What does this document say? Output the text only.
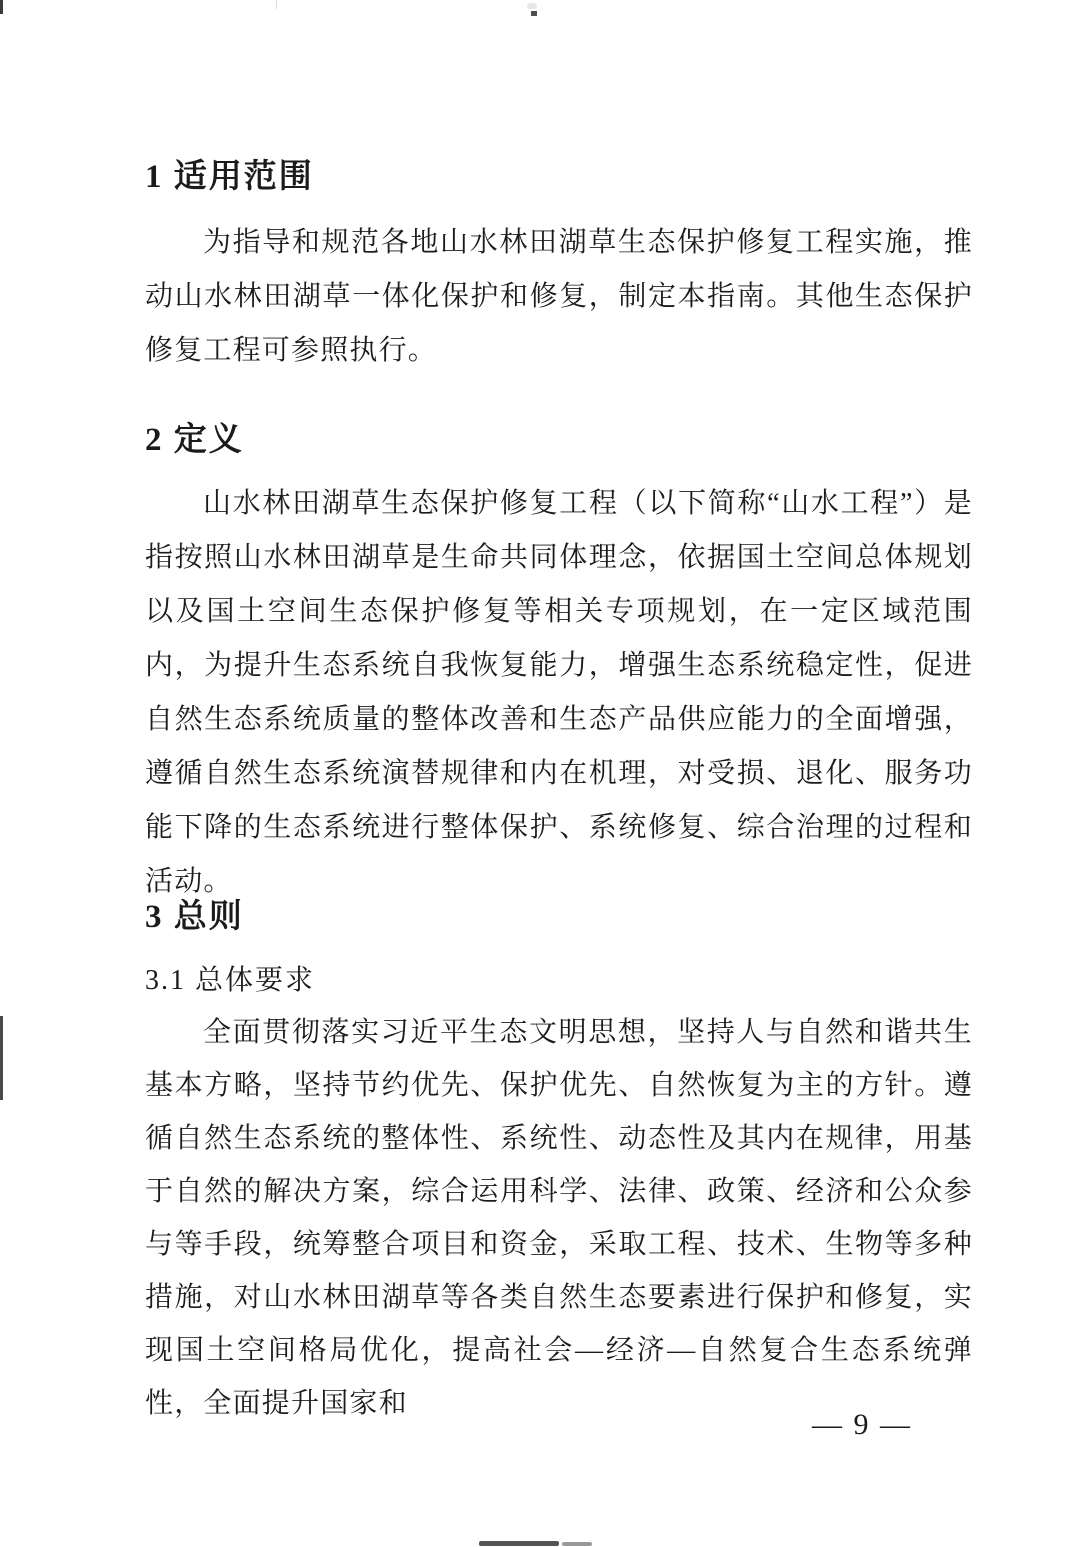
1 适用范围

为指导和规范各地山水林田湖草生态保护修复工程实施，推动山水林田湖草一体化保护和修复，制定本指南。其他生态保护修复工程可参照执行。

2 定义

山水林田湖草生态保护修复工程（以下简称“山水工程”）是指按照山水林田湖草是生命共同体理念，依据国土空间总体规划以及国土空间生态保护修复等相关专项规划，在一定区域范围内，为提升生态系统自我恢复能力，增强生态系统稳定性，促进自然生态系统质量的整体改善和生态产品供应能力的全面增强，遵循自然生态系统演替规律和内在机理，对受损、退化、服务功能下降的生态系统进行整体保护、系统修复、综合治理的过程和活动。

3 总则
3.1 总体要求

全面贯彻落实习近平生态文明思想，坚持人与自然和谐共生基本方略，坚持节约优先、保护优先、自然恢复为主的方针。遵循自然生态系统的整体性、系统性、动态性及其内在规律，用基于自然的解决方案，综合运用科学、法律、政策、经济和公众参与等手段，统筹整合项目和资金，采取工程、技术、生物等多种措施，对山水林田湖草等各类自然生态要素进行保护和修复，实现国土空间格局优化，提高社会—经济—自然复合生态系统弹性，全面提升国家和

— 9 —
